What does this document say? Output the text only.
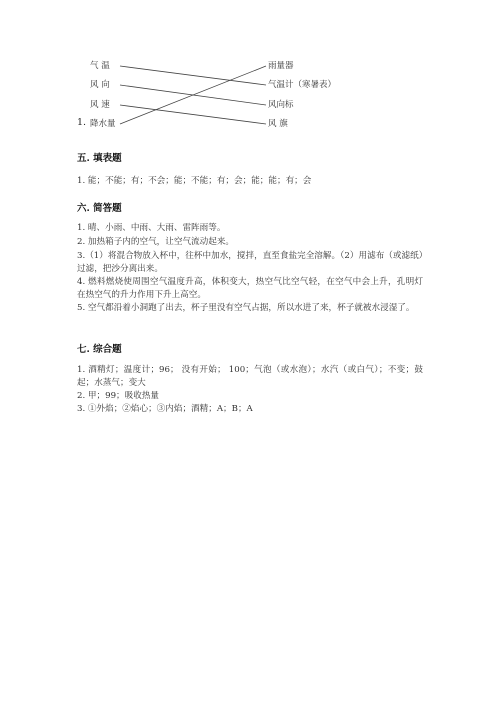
1.
气 温
风 向
风 速
降水量
雨量器
气温计（寒暑表）
风向标
风 旗
五. 填表题
1. 能；不能；有；不会；能；不能；有；会；能；能；有；会
六. 简答题
1. 晴、小雨、中雨、大雨、雷阵雨等。
2. 加热箱子内的空气，让空气流动起来。
3.（1）将混合物放入杯中，往杯中加水，搅拌，直至食盐完全溶解。（2）用滤布（或滤纸）过滤，把沙分离出来。
4. 燃料燃烧使周围空气温度升高，体积变大，热空气比空气轻，在空气中会上升，孔明灯在热空气的升力作用下升上高空。
5. 空气都沿着小洞跑了出去，杯子里没有空气占据，所以水进了来，杯子就被水浸湿了。
七. 综合题
1. 酒精灯；温度计；96； 没有开始； 100；气泡（或水泡）；水汽（或白气）；不变；鼓起；水蒸气；变大
2. 甲；99；吸收热量
3. ①外焰；②焰心；③内焰；酒精；A；B；A
